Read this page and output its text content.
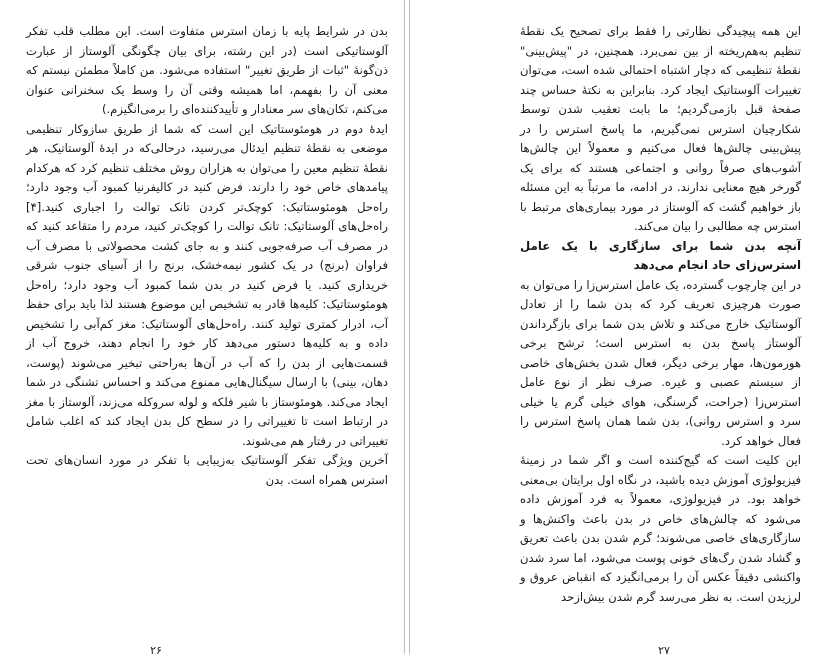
بدن در شرایط پایه با زمان استرس متفاوت است. این مطلب قلب تفکر آلوستاتیکی است (در این رشته، برای بیان چگونگی آلوستاز از عبارت ذن‌گونهٔ "ثبات از طریق تغییر" استفاده می‌شود. من کاملاً مطمئن نیستم که معنی آن را بفهمم، اما همیشه وقتی آن را وسط یک سخنرانی عنوان می‌کنم، تکان‌های سر معنادار و تأییدکننده‌ای را برمی‌انگیزم.)

ایدهٔ دوم در هومئوستاتیک این است که شما از طریق سازوکار تنظیمی موضعی به نقطهٔ تنظیم ایدئال می‌رسید، درحالی‌که در ایدهٔ آلوستاتیک، هر نقطهٔ تنظیم معین را می‌توان به هزاران روش مختلف تنظیم کرد که هرکدام پیامدهای خاص خود را دارند. فرض کنید در کالیفرنیا کمبود آب وجود دارد؛ راه‌حل هومئوستاتیک: کوچک‌تر کردن تانک توالت را اجباری کنید.[۴] راه‌حل‌های آلوستاتیک: تانک توالت را کوچک‌تر کنید، مردم را متقاعد کنید که در مصرف آب صرفه‌جویی کنند و به جای کشت محصولاتی با مصرف آب فراوان (برنج) در یک کشور نیمه‌خشک، برنج را از آسیای جنوب شرقی خریداری کنید. یا فرض کنید در بدن شما کمبود آب وجود دارد؛ راه‌حل هومئوستاتیک: کلیه‌ها قادر به تشخیص این موضوع هستند لذا باید برای حفظ آب، ادرار کمتری تولید کنند. راه‌حل‌های آلوستاتیک: مغز کم‌آبی را تشخیص داده و به کلیه‌ها دستور می‌دهد کار خود را انجام دهند، خروج آب از قسمت‌هایی از بدن را که آب در آن‌ها به‌راحتی تبخیر می‌شوند (پوست، دهان، بینی) با ارسال سیگنال‌هایی ممنوع می‌کند و احساس تشنگی در شما ایجاد می‌کند. هومئوستاز با شیر فلکه و لوله سروکله می‌زند، آلوستاز با مغز در ارتباط است تا تغییراتی را در سطح کل بدن ایجاد کند که اغلب شامل تغییراتی در رفتار هم می‌شوند.

آخرین ویژگی تفکر آلوستاتیک به‌زیبایی با تفکر در مورد انسان‌های تحت استرس همراه است. بدن

۲۶

این همه پیچیدگی نظارتی را فقط برای تصحیح یک نقطهٔ تنظیم به‌هم‌ریخته از بین نمی‌برد. همچنین، در "پیش‌بینی" نقطهٔ تنظیمی که دچار اشتباه احتمالی شده است، می‌توان تغییرات آلوستاتیک ایجاد کرد. بنابراین به نکتهٔ حساس چند صفحهٔ قبل بازمی‌گردیم؛ ما بابت تعقیب شدن توسط شکارچیان استرس نمی‌گیریم، ما پاسخ استرس را در پیش‌بینی چالش‌ها فعال می‌کنیم و معمولاً این چالش‌ها آشوب‌های صرفاً روانی و اجتماعی هستند که برای یک گورخر هیچ معنایی ندارند. در ادامه، ما مرتباً به این مسئله باز خواهیم گشت که آلوستاز در مورد بیماری‌های مرتبط با استرس چه مطالبی را بیان می‌کند.

آنچه بدن شما برای سازگاری با یک عامل استرس‌زای حاد انجام می‌دهد

در این چارچوب گسترده، یک عامل استرس‌زا را می‌توان به صورت هرچیزی تعریف کرد که بدن شما را از تعادل آلوستاتیک خارج می‌کند و تلاش بدن شما برای بازگرداندن آلوستاز پاسخ بدن به استرس است؛ ترشح برخی هورمون‌ها، مهار برخی دیگر، فعال شدن بخش‌های خاصی از سیستم عصبی و غیره. صرف نظر از نوع عامل استرس‌زا (جراحت، گرسنگی، هوای خیلی گرم یا خیلی سرد و استرس روانی)، بدن شما همان پاسخ استرس را فعال خواهد کرد.

این کلیت است که گیج‌کننده است و اگر شما در زمینهٔ فیزیولوژی آموزش دیده باشید، در نگاه اول برایتان بی‌معنی خواهد بود. در فیزیولوژی، معمولاً به فرد آموزش داده می‌شود که چالش‌های خاص در بدن باعث واکنش‌ها و سازگاری‌های خاصی می‌شوند؛ گرم شدن بدن باعث تعریق و گشاد شدن رگ‌های خونی پوست می‌شود، اما سرد شدن واکنشی دقیقاً عکس آن را برمی‌انگیزد که انقباض عروق و لرزیدن است. به نظر می‌رسد گرم شدن بیش‌ازحد

۲۷
